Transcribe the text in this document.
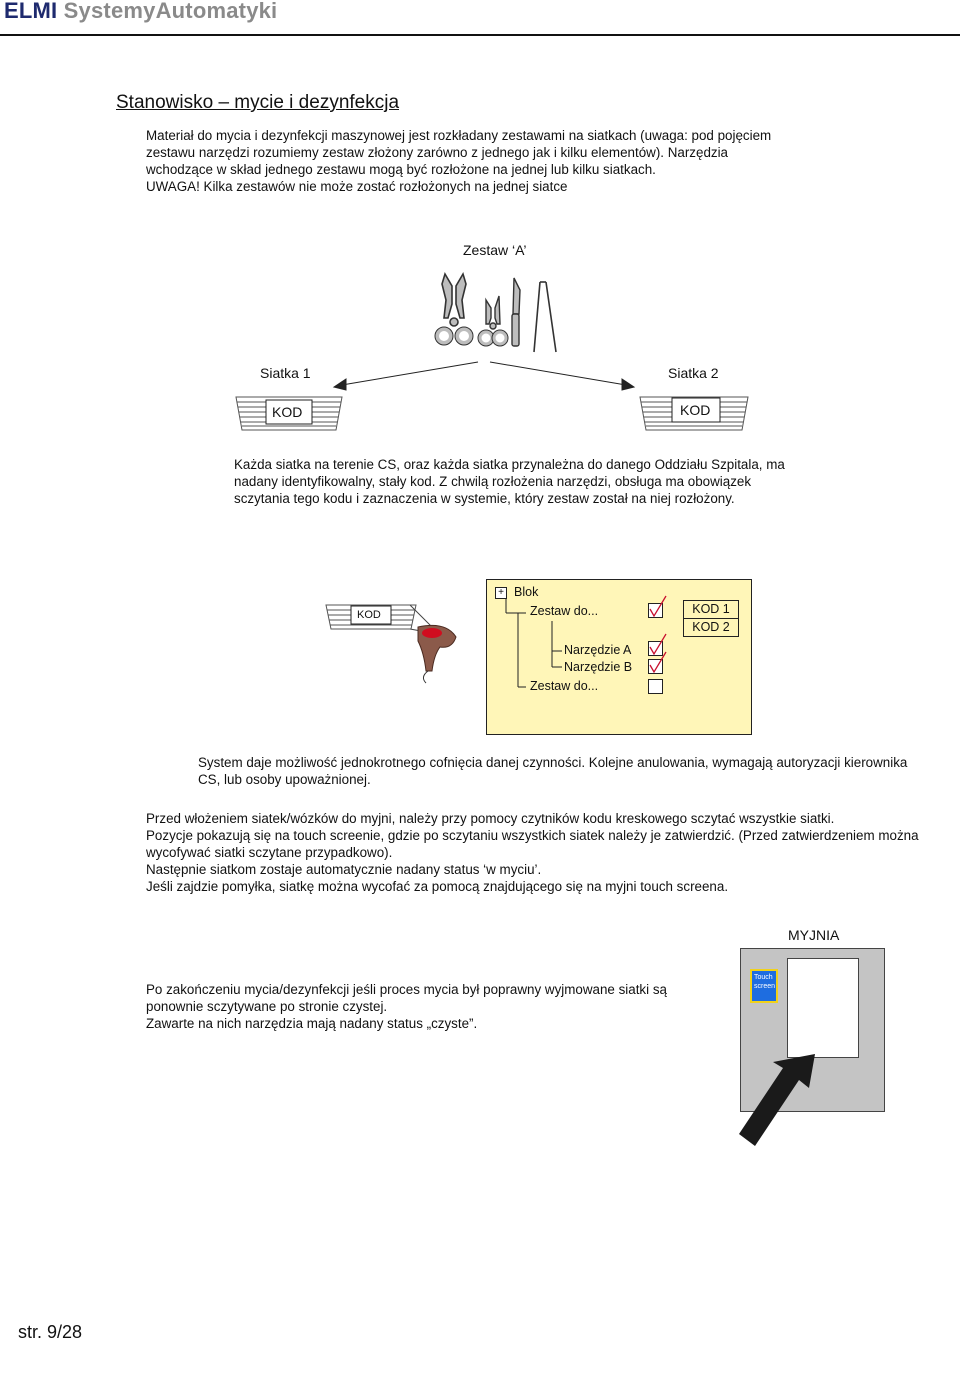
ELMI SystemyAutomatyki
Stanowisko – mycie i dezynfekcja
Materiał do mycia i dezynfekcji maszynowej jest rozkładany zestawami na siatkach (uwaga: pod pojęciem zestawu narzędzi rozumiemy zestaw złożony zarówno z jednego jak i kilku elementów). Narzędzia wchodzące w skład jednego zestawu mogą być rozłożone na jednej lub kilku siatkach.
UWAGA! Kilka zestawów nie może zostać rozłożonych na jednej siatce
Zestaw ‘A’
Siatka 1	Siatka 2
KOD	KOD
Każda siatka na terenie CS, oraz każda siatka przynależna do danego Oddziału Szpitala, ma nadany identyfikowalny, stały kod. Z chwilą rozłożenia narzędzi, obsługa ma obowiązek sczytania tego kodu i zaznaczenia w systemie, który zestaw został na niej rozłożony.
KOD
+ Blok
Zestaw do...
Narzędzie A
Narzędzie B
Zestaw do...
KOD 1
KOD 2
System daje możliwość jednokrotnego cofnięcia danej czynności. Kolejne anulowania, wymagają autoryzacji kierownika CS, lub osoby upoważnionej.
Przed włożeniem siatek/wózków do myjni, należy przy pomocy czytników kodu kreskowego sczytać wszystkie siatki.
Pozycje pokazują się na touch screenie, gdzie po sczytaniu wszystkich siatek należy je zatwierdzić. (Przed zatwierdzeniem można wycofywać siatki sczytane przypadkowo).
Następnie siatkom zostaje automatycznie nadany status ‘w myciu’.
Jeśli zajdzie pomyłka, siatkę można wycofać za pomocą znajdującego się na myjni touch screena.
MYJNIA
Touch screen
Po zakończeniu mycia/dezynfekcji jeśli proces mycia był poprawny wyjmowane siatki są ponownie sczytywane po stronie czystej.
Zawarte na nich narzędzia mają nadany status „czyste”.
str. 9/28
